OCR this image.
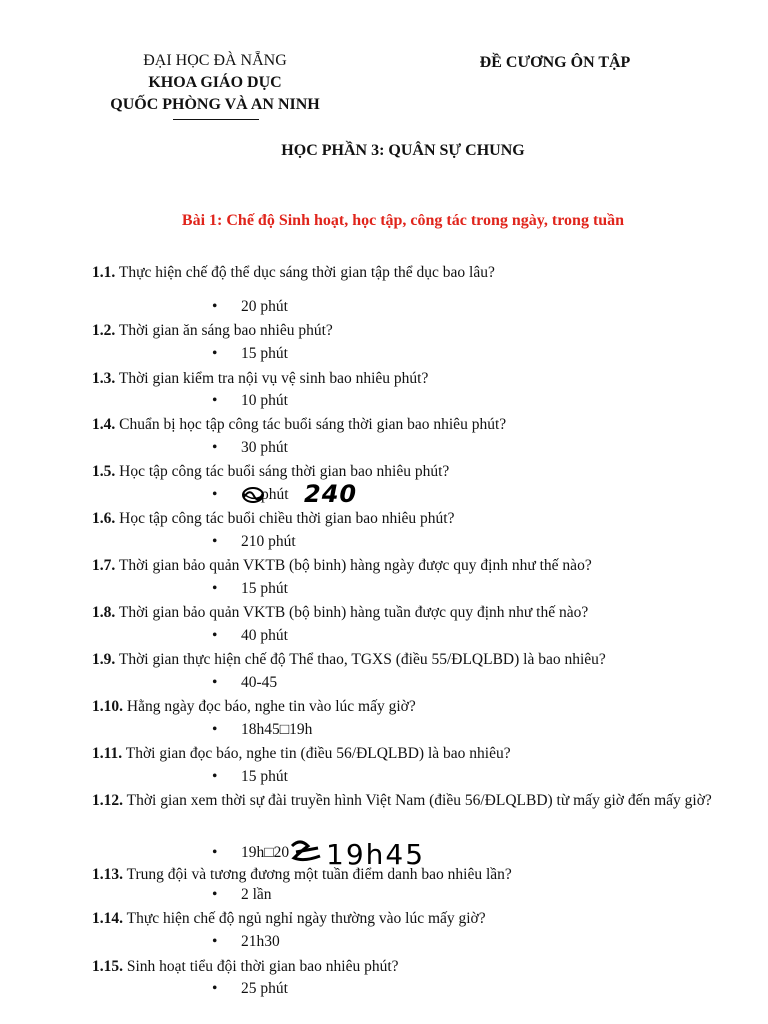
ĐẠI HỌC ĐÀ NẴNG
KHOA GIÁO DỤC
QUỐC PHÒNG VÀ AN NINH
ĐỀ CƯƠNG ÔN TẬP
HỌC PHẦN 3: QUÂN SỰ CHUNG
Bài 1: Chế độ Sinh hoạt, học tập, công tác trong ngày, trong tuần
1.1. Thực hiện chế độ thể dục sáng thời gian tập thể dục bao lâu?
• 20 phút
1.2. Thời gian ăn sáng bao nhiêu phút?
• 15 phút
1.3. Thời gian kiểm tra nội vụ vệ sinh bao nhiêu phút?
• 10 phút
1.4. Chuẩn bị học tập công tác buổi sáng thời gian bao nhiêu phút?
• 30 phút
1.5. Học tập công tác buổi sáng thời gian bao nhiêu phút?
•	phút
1.6. Học tập công tác buổi chiều thời gian bao nhiêu phút?
• 210 phút
1.7. Thời gian bảo quản VKTB (bộ binh) hàng ngày được quy định như thế nào?
• 15 phút
1.8. Thời gian bảo quản VKTB (bộ binh) hàng tuần được quy định như thế nào?
• 40 phút
1.9. Thời gian thực hiện chế độ Thể thao, TGXS (điều 55/ĐLQLBD) là bao nhiêu?
• 40-45
1.10. Hằng ngày đọc báo, nghe tin vào lúc mấy giờ?
• 18h45□19h
1.11. Thời gian đọc báo, nghe tin (điều 56/ĐLQLBD) là bao nhiêu?
• 15 phút
1.12. Thời gian xem thời sự đài truyền hình Việt Nam (điều 56/ĐLQLBD) từ mấy giờ đến mấy giờ?
• 19h□20
1.13. Trung đội và tương đương một tuần điểm danh bao nhiêu lần?
• 2 lần
1.14. Thực hiện chế độ ngủ nghỉ ngày thường vào lúc mấy giờ?
• 21h30
1.15. Sinh hoạt tiểu đội thời gian bao nhiêu phút?
• 25 phút
240
19h45
